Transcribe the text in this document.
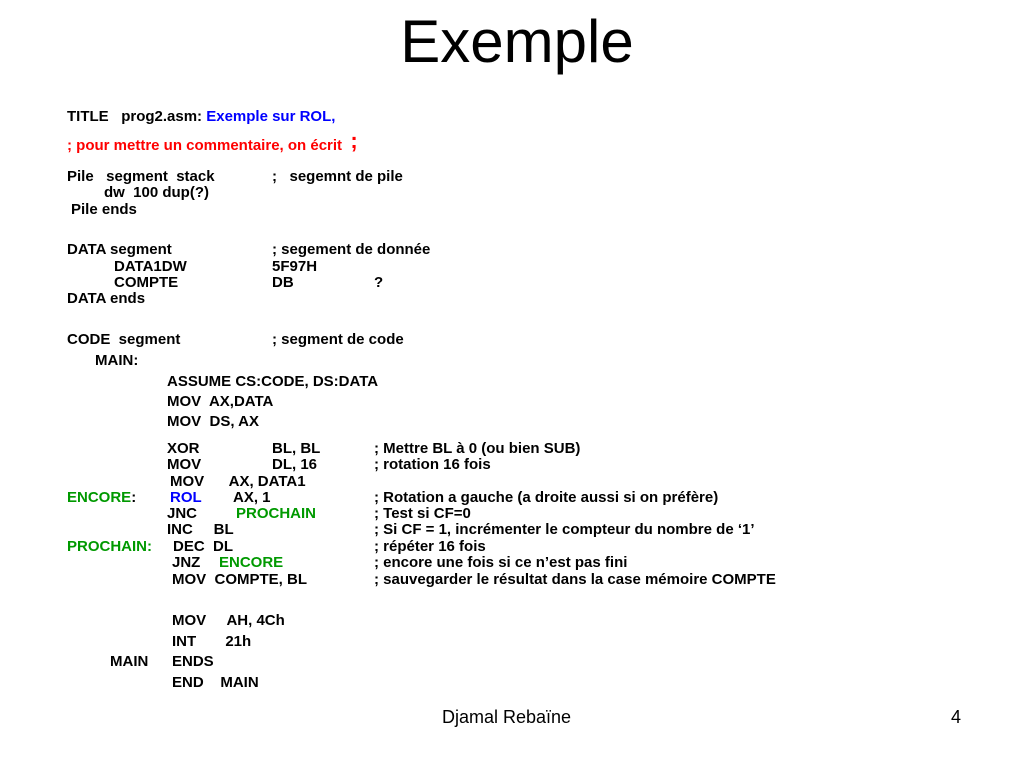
Exemple
TITLE prog2.asm: Exemple sur ROL,
; pour mettre un commentaire, on écrit ;
Pile   segment  stack	;   segemnt de pile
dw  100 dup(?)
Pile ends
DATA segment	; segement de donnée
DATA1DW	5F97H
COMPTE	DB	?
DATA ends
CODE  segment	; segment de code
MAIN:
ASSUME CS:CODE, DS:DATA
MOV  AX,DATA
MOV  DS, AX
XOR	BL, BL	; Mettre BL à 0 (ou bien SUB)
MOV	DL, 16	; rotation 16 fois
MOV      AX, DATA1
ENCORE: ROL AX, 1	; Rotation a gauche (a droite aussi si on préfère)
JNC	PROCHAIN	; Test si CF=0
INC     BL	; Si CF = 1, incrémenter le compteur du nombre de ‘1’
PROCHAIN: DEC  DL	; répéter 16 fois
JNZ ENCORE	; encore une fois si ce n’est pas fini
MOV  COMPTE, BL	; sauvegarder le résultat dans la case mémoire COMPTE
MOV     AH, 4Ch
INT       21h
MAIN ENDS
END    MAIN
Djamal Rebaïne	4
